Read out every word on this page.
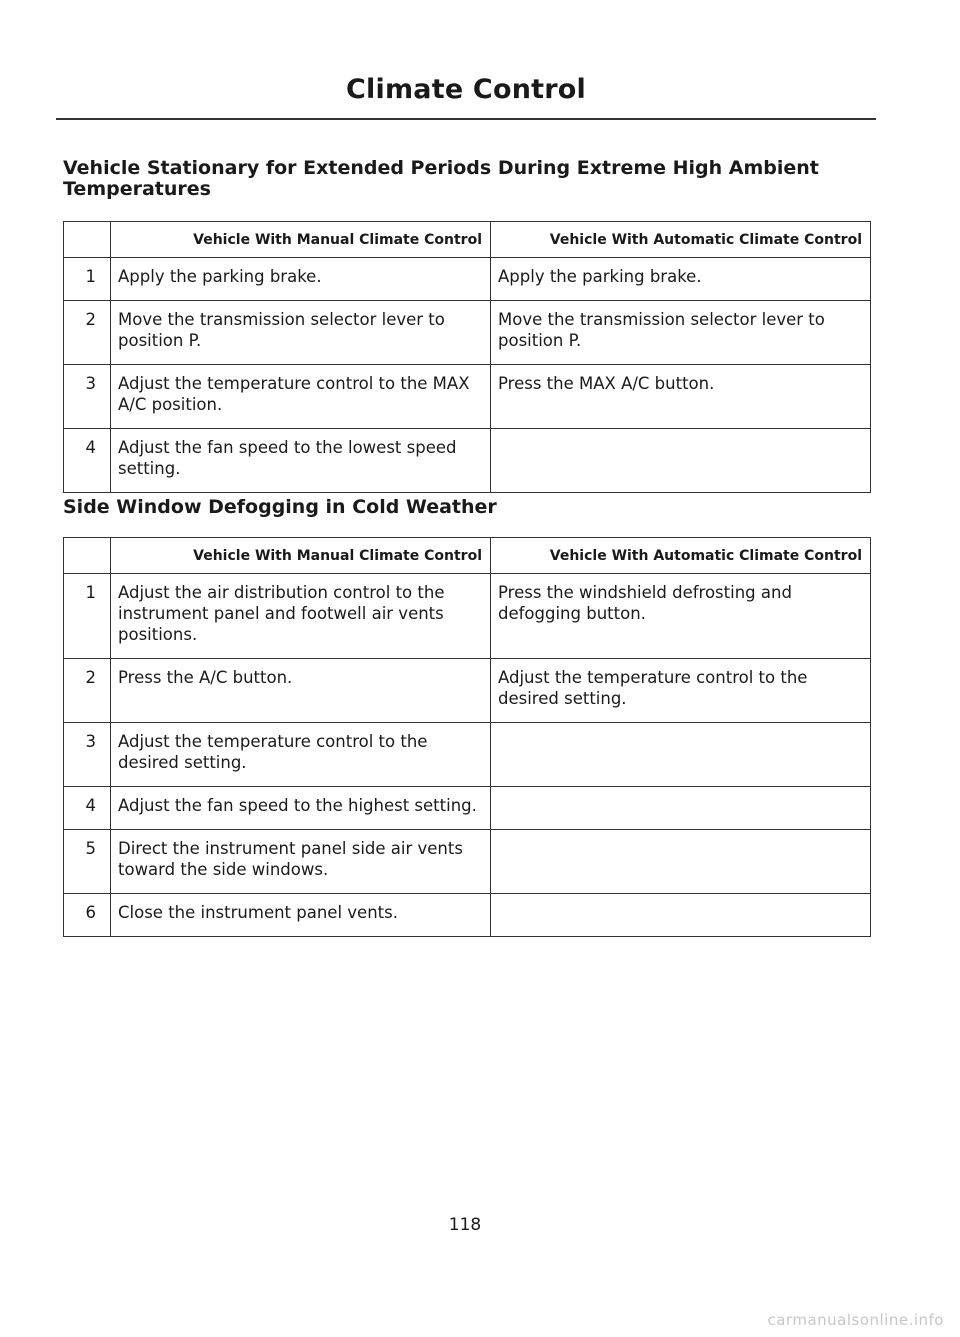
Climate Control
Vehicle Stationary for Extended Periods During Extreme High Ambient Temperatures
	Vehicle With Manual Climate Control	Vehicle With Automatic Climate Control
1	Apply the parking brake.	Apply the parking brake.
2	Move the transmission selector lever to position P.	Move the transmission selector lever to position P.
3	Adjust the temperature control to the MAX A/C position.	Press the MAX A/C button.
4	Adjust the fan speed to the lowest speed setting.	
Side Window Defogging in Cold Weather
	Vehicle With Manual Climate Control	Vehicle With Automatic Climate Control
1	Adjust the air distribution control to the instrument panel and footwell air vents positions.	Press the windshield defrosting and defogging button.
2	Press the A/C button.	Adjust the temperature control to the desired setting.
3	Adjust the temperature control to the desired setting.	
4	Adjust the fan speed to the highest setting.	
5	Direct the instrument panel side air vents toward the side windows.	
6	Close the instrument panel vents.	
118
carmanualsonline.info
